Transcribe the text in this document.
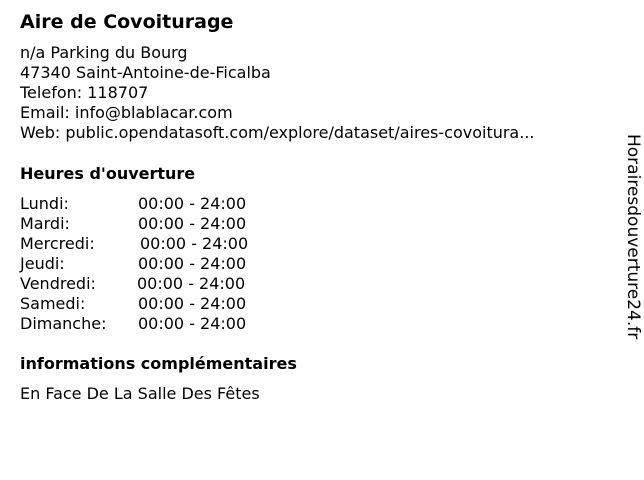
Aire de Covoiturage
n/a Parking du Bourg
47340 Saint-Antoine-de-Ficalba
Telefon: 118707
Email: info@blablacar.com
Web: public.opendatasoft.com/explore/dataset/aires-covoitura...
Heures d'ouverture
Lundi:	00:00 - 24:00
Mardi:	00:00 - 24:00
Mercredi:	00:00 - 24:00
Jeudi:	00:00 - 24:00
Vendredi:	00:00 - 24:00
Samedi:	00:00 - 24:00
Dimanche: 00:00 - 24:00
informations complémentaires
En Face De La Salle Des Fêtes
Horairesdouverture24.fr
